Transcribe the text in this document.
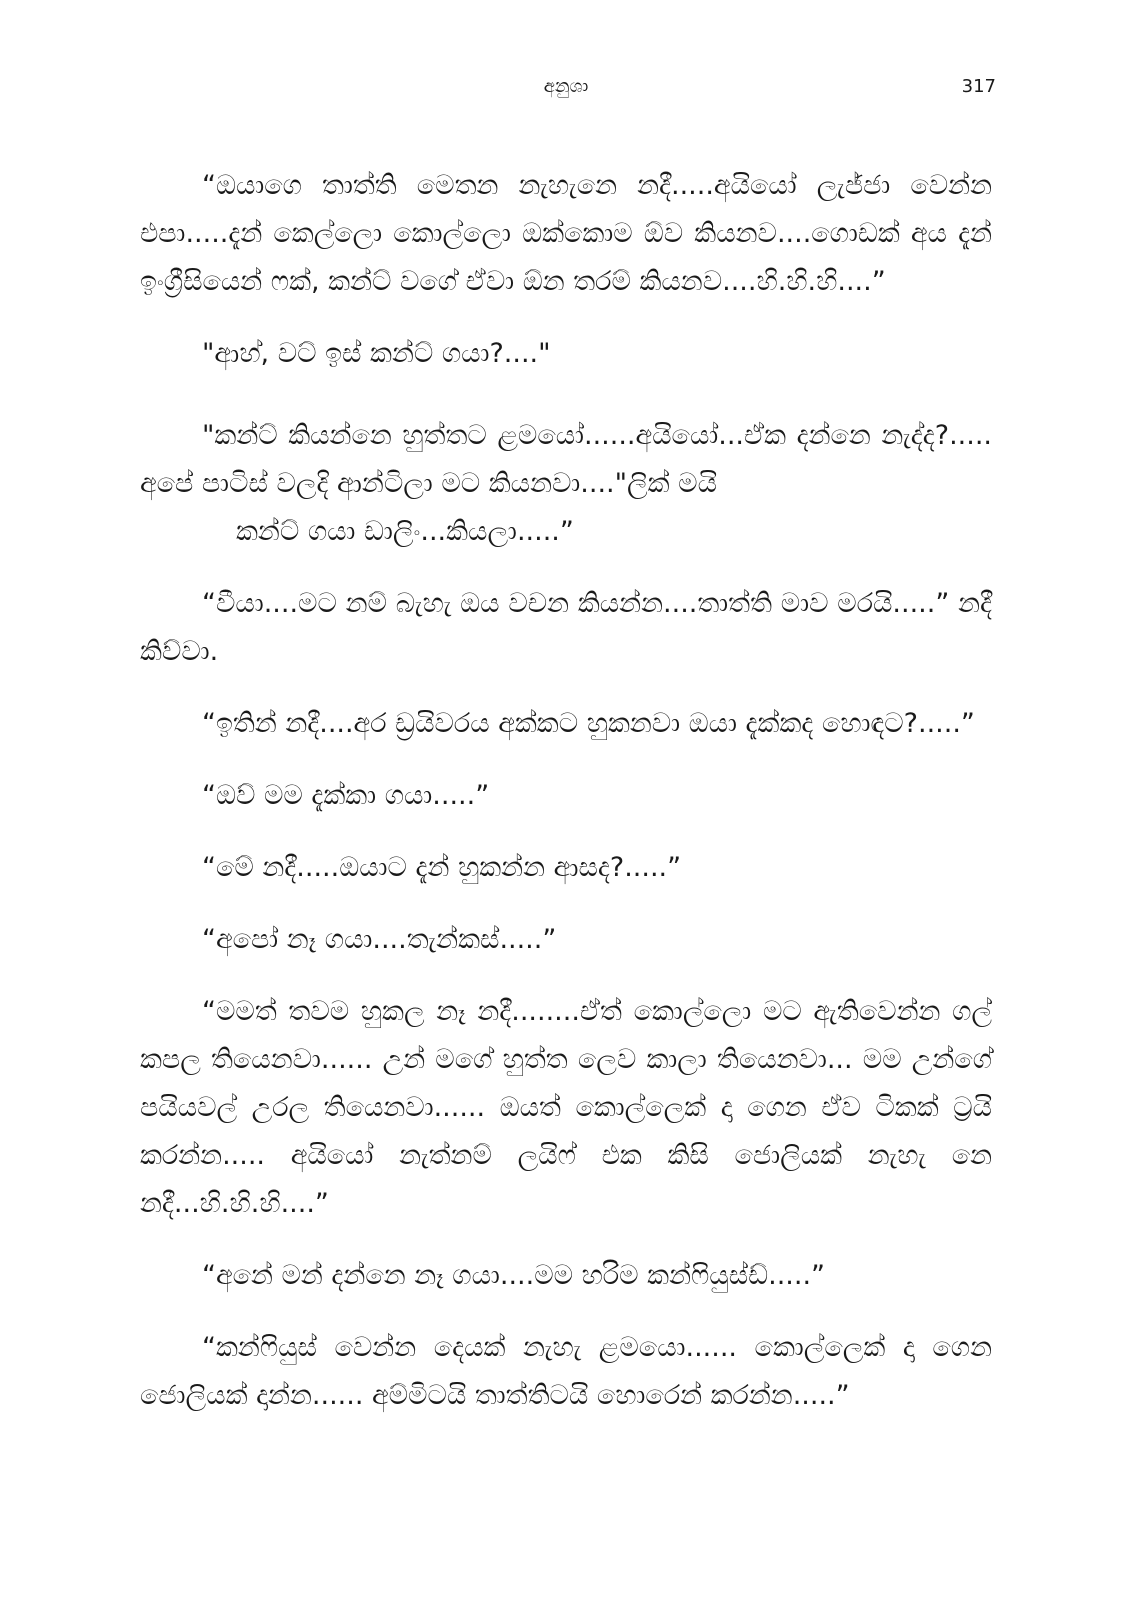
අනුශා	317

“ඔයාගෙ තාත්ති මෙතන නැහැනෙ නදී.....අයියෝ ලැජ්ජා වෙන්න එපා.....දැන් කෙල්ලො කොල්ලො ඔක්කොම ඕව කියනව....ගොඩක් අය දැන් ඉංග්‍රීසියෙන් ෆක්, කන්ට් වගේ ඒවා ඕන තරම් කියනව....හි.හි.හි....”

"ආහ්, වට් ඉස් කන්ට් ගයා?...."

"කන්ට් කියන්නෙ හුත්තට ළමයෝ......අයියෝ...ඒක දන්නෙ නැද්ද?..... අපේ පාටිස් වලදි ආන්ටිලා මට කියනවා...."ලික් මයි
කන්ට් ගයා ඩාලිං...කියලා.....”

“වීයා....මට නම් බැහැ ඔය වචන කියන්න....තාත්ති මාව මරයි.....” නදී කිව්වා.

“ඉතින් නදී....අර ඩ්‍රයිවරය අක්කට හුකනවා ඔයා දැක්කද හොඳට?.....”

“ඔව් මම දැක්කා ගයා.....”

“මේ නදී.....ඔයාට දැන් හුකන්න ආසද?.....”

“අපෝ නෑ ගයා....තැන්කස්.....”

“මමත් තවම හුකල නෑ නදී........ඒත් කොල්ලො මට ඇතිවෙන්න ගල් කපල තියෙනවා...... උන් මගේ හුත්ත ලෙව කාලා තියෙනවා... මම උන්ගේ පයියවල් උරල තියෙනවා...... ඔයත් කොල්ලෙක් දා ගෙන ඒව ටිකක් ට්‍රයි කරන්න..... අයියෝ නැත්නම් ලයිෆ් එක කිසි ජොලියක් නැහැ නෙ නදී...හි.හි.හි....”

“අනේ මන් දන්නෙ නෑ ගයා....මම හරිම කන්ෆියුස්ඩ්.....”

“කන්ෆියුස් වෙන්න දෙයක් නැහැ ළමයො...... කොල්ලෙක් දා ගෙන ජොලියක් දාන්න...... අම්මිටයි තාත්තිටයි හොරෙන් කරන්න.....”
